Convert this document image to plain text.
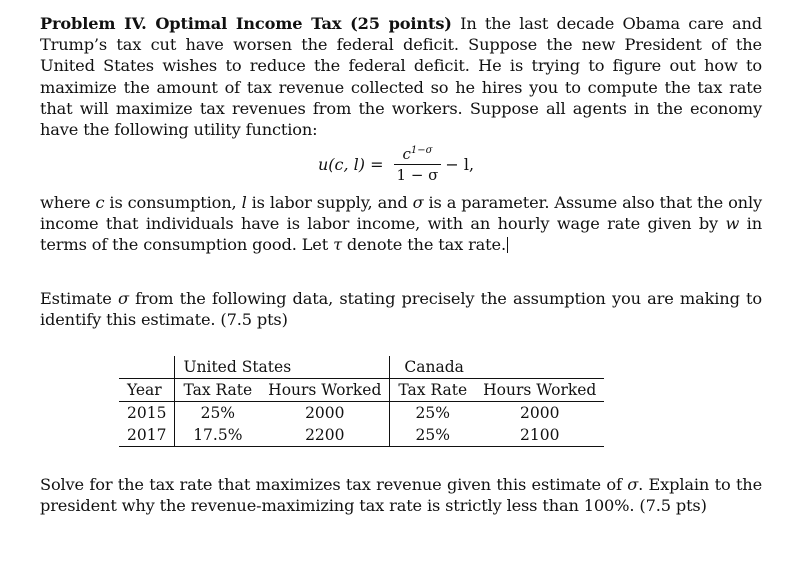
Problem IV. Optimal Income Tax (25 points) In the last decade Obama care and Trump’s tax cut have worsen the federal deficit. Suppose the new President of the United States wishes to reduce the federal deficit. He is trying to figure out how to maximize the amount of tax revenue collected so he hires you to compute the tax rate that will maximize tax revenues from the workers. Suppose all agents in the economy have the following utility function:
u(c, $l) = \frac{c^{1-\sigma}}{1 - \sigma} - l$,
where c is consumption, l is labor supply, and σ is a parameter. Assume also that the only income that individuals have is labor income, with an hourly wage rate given by w in terms of the consumption good. Let τ denote the tax rate.
Estimate σ from the following data, stating precisely the assumption you are making to identify this estimate. (7.5 pts)
	United States		Canada	
Year	Tax Rate	Hours Worked	Tax Rate	Hours Worked
2015	25%	2000	25%	2000
2017	17.5%	2200	25%	2100
Solve for the tax rate that maximizes tax revenue given this estimate of σ. Explain to the president why the revenue-maximizing tax rate is strictly less than 100%. (7.5 pts)
